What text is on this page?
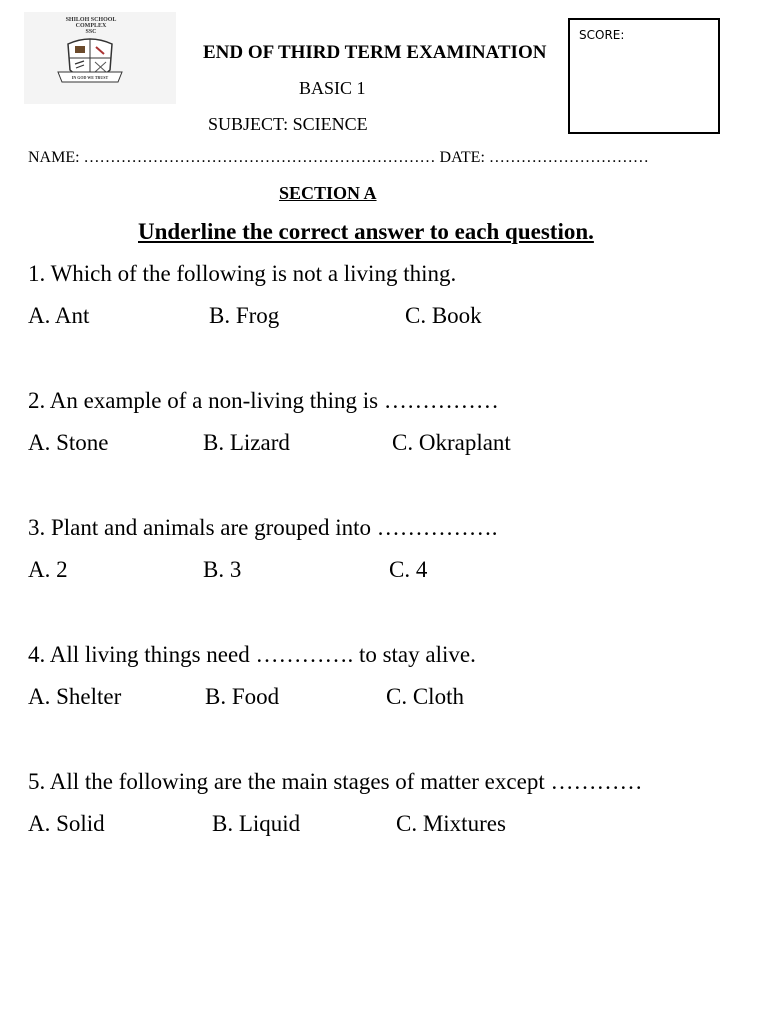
SHILOH SCHOOL
COMPLEX
SSC
IN GOD WE TRUST
SCORE:
END OF THIRD TERM EXAMINATION
BASIC 1
SUBJECT: SCIENCE
NAME: ………………………………………………………… DATE: …………………………
SECTION A
Underline the correct answer to each question.
1. Which of the following is not a living thing.
A. Ant	B. Frog	C. Book
2. An example of a non-living thing is ……………
A. Stone	B. Lizard	C. Okraplant
3. Plant and animals are grouped into …………….
A. 2	B. 3	C. 4
4. All living things need …………. to stay alive.
A. Shelter	B. Food	C. Cloth
5. All the following are the main stages of matter except …………
A. Solid	B. Liquid	C. Mixtures
